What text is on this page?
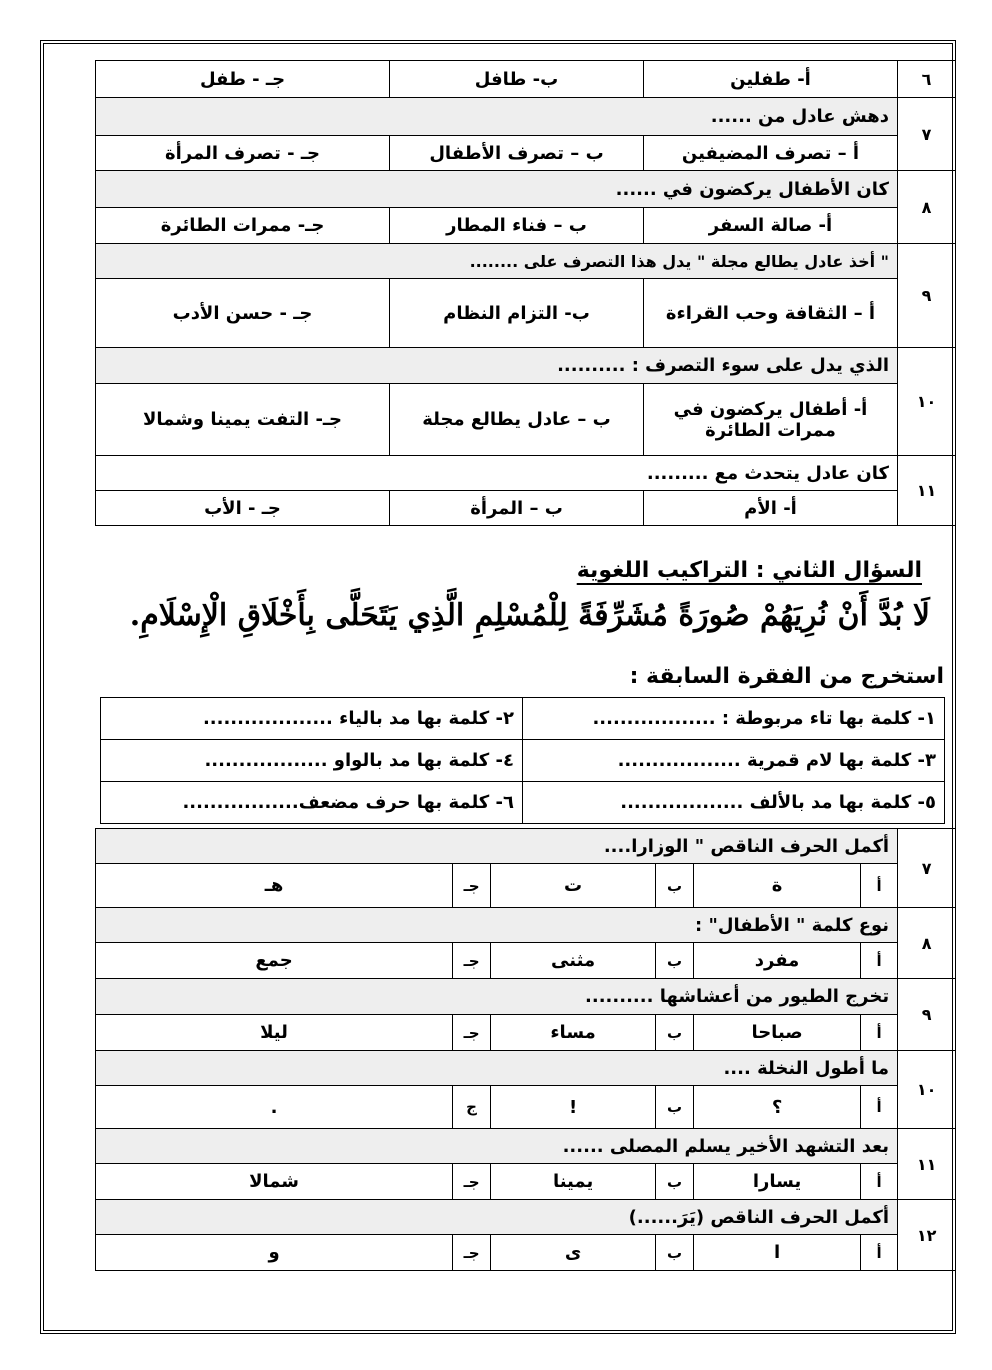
٦	أ- طفلين	ب- طافل	جـ - طفل
٧	دهش عادل من ......		
	أ – تصرف المضيفين	ب – تصرف الأطفال	جـ - تصرف المرأة
٨	كان الأطفال يركضون في ......		
	أ- صالة السفر	ب – فناء المطار	جـ- ممرات الطائرة
٩	" أخذ عادل يطالع مجلة " يدل هذا التصرف على ........		
	أ – الثقافة وحب القراءة	ب- التزام النظام	جـ - حسن الأدب
١٠	الذي يدل على سوء التصرف : ..........		
	أ- أطفال يركضون في ممرات الطائرة	ب – عادل يطالع مجلة	جـ- التفت يمينا وشمالا
١١	كان عادل يتحدث مع .........		
	أ- الأم	ب – المرأة	جـ - الأب
السؤال الثاني : التراكيب اللغوية
لَا بُدَّ أَنْ نُرِيَهُمْ صُورَةً مُشَرِّفَةً لِلْمُسْلِمِ الَّذِي يَتَحَلَّى بِأَخْلَاقِ الْإِسْلَامِ.
استخرج من الفقرة السابقة :
١- كلمة بها تاء مربوطة : ..................	٢- كلمة بها مد بالياء ...................
٣- كلمة بها لام قمرية ..................	٤- كلمة بها مد بالواو ..................
٥- كلمة بها مد بالألف ..................	٦- كلمة بها حرف مضعف.................
٧	أكمل الحرف الناقص " الوزارا....					
	أ	ة	ب	ت	جـ	هـ
٨	نوع كلمة " الأطفال" :					
	أ	مفرد	ب	مثنى	جـ	جمع
٩	تخرج الطيور من أعشاشها ..........					
	أ	صباحا	ب	مساء	جـ	ليلا
١٠	ما أطول النخلة ....					
	أ	؟	ب	!	ج	.
١١	بعد التشهد الأخير يسلم المصلى ......					
	أ	يسارا	ب	يمينا	جـ	شمالا
١٢	أكمل الحرف الناقص (يَرَ......)					
	أ	ا	ب	ى	جـ	و
